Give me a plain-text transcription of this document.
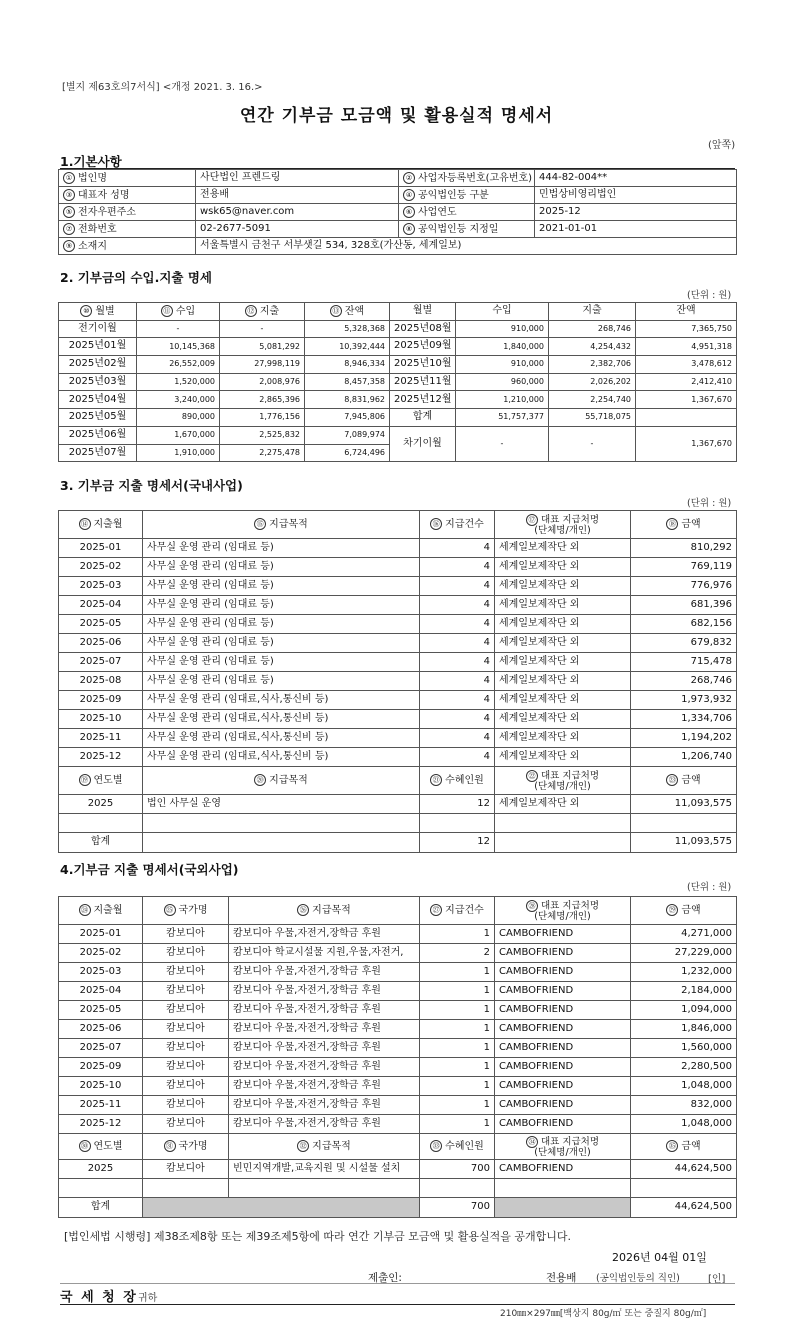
[별지 제63호의7서식] <개정 2021. 3. 16.>
연간 기부금 모금액 및 활용실적 명세서
(앞쪽)
1.기본사항
① 법인명	사단법인 프렌드링	② 사업자등록번호(고유번호)	444-82-004**
③ 대표자 성명	전용배	④ 공익법인등 구분	민법상비영리법인
⑤ 전자우편주소	wsk65@naver.com	⑥ 사업연도	2025-12
⑦ 전화번호	02-2677-5091	⑧ 공익법인등 지정일	2021-01-01
⑨ 소재지	서울특별시 금천구 서부샛길 534, 328호(가산동, 세계일보)		
2. 기부금의 수입.지출 명세
(단위 : 원)
⑩ 월별	⑪ 수입	⑫ 지출	⑬ 잔액	월별	수입	지출	잔액
전기이월	-	-	5,328,368	2025년08월	910,000	268,746	7,365,750
2025년01월	10,145,368	5,081,292	10,392,444	2025년09월	1,840,000	4,254,432	4,951,318
2025년02월	26,552,009	27,998,119	8,946,334	2025년10월	910,000	2,382,706	3,478,612
2025년03월	1,520,000	2,008,976	8,457,358	2025년11월	960,000	2,026,202	2,412,410
2025년04월	3,240,000	2,865,396	8,831,962	2025년12월	1,210,000	2,254,740	1,367,670
2025년05월	890,000	1,776,156	7,945,806	합계	51,757,377	55,718,075	
2025년06월	1,670,000	2,525,832	7,089,974	차기이월	-	-	1,367,670
2025년07월	1,910,000	2,275,478	6,724,496				
3. 기부금 지출 명세서(국내사업)
(단위 : 원)
⑭ 지출월	⑮ 지급목적	⑯ 지급건수	⑰ 대표 지급처명
(단체명/개인)	⑱ 금액
2025-01	사무실 운영 관리 (임대료 등)	4	세계일보제작단 외	810,292
2025-02	사무실 운영 관리 (임대료 등)	4	세계일보제작단 외	769,119
2025-03	사무실 운영 관리 (임대료 등)	4	세계일보제작단 외	776,976
2025-04	사무실 운영 관리 (임대료 등)	4	세계일보제작단 외	681,396
2025-05	사무실 운영 관리 (임대료 등)	4	세계일보제작단 외	682,156
2025-06	사무실 운영 관리 (임대료 등)	4	세계일보제작단 외	679,832
2025-07	사무실 운영 관리 (임대료 등)	4	세계일보제작단 외	715,478
2025-08	사무실 운영 관리 (임대료 등)	4	세계일보제작단 외	268,746
2025-09	사무실 운영 관리 (임대료,식사,통신비 등)	4	세계일보제작단 외	1,973,932
2025-10	사무실 운영 관리 (임대료,식사,통신비 등)	4	세계일보제작단 외	1,334,706
2025-11	사무실 운영 관리 (임대료,식사,통신비 등)	4	세계일보제작단 외	1,194,202
2025-12	사무실 운영 관리 (임대료,식사,통신비 등)	4	세계일보제작단 외	1,206,740
⑲ 연도별	⑳ 지급목적	㉑ 수혜인원	㉒ 대표 지급처명
(단체명/개인)	㉓ 금액
2025	법인 사무실 운영	12	세계일보제작단 외	11,093,575

합계		12		11,093,575
4.기부금 지출 명세서(국외사업)
(단위 : 원)
㉔ 지출월	㉕ 국가명	㉖ 지급목적	㉗ 지급건수	㉘ 대표 지급처명
(단체명/개인)	㉙ 금액
2025-01	캄보디아	캄보디아 우물,자전거,장학금 후원	1	CAMBOFRIEND	4,271,000
2025-02	캄보디아	캄보디아 학교시설물 지원,우물,자전거,	2	CAMBOFRIEND	27,229,000
2025-03	캄보디아	캄보디아 우물,자전거,장학금 후원	1	CAMBOFRIEND	1,232,000
2025-04	캄보디아	캄보디아 우물,자전거,장학금 후원	1	CAMBOFRIEND	2,184,000
2025-05	캄보디아	캄보디아 우물,자전거,장학금 후원	1	CAMBOFRIEND	1,094,000
2025-06	캄보디아	캄보디아 우물,자전거,장학금 후원	1	CAMBOFRIEND	1,846,000
2025-07	캄보디아	캄보디아 우물,자전거,장학금 후원	1	CAMBOFRIEND	1,560,000
2025-09	캄보디아	캄보디아 우물,자전거,장학금 후원	1	CAMBOFRIEND	2,280,500
2025-10	캄보디아	캄보디아 우물,자전거,장학금 후원	1	CAMBOFRIEND	1,048,000
2025-11	캄보디아	캄보디아 우물,자전거,장학금 후원	1	CAMBOFRIEND	832,000
2025-12	캄보디아	캄보디아 우물,자전거,장학금 후원	1	CAMBOFRIEND	1,048,000
㉚ 연도별	㉛ 국가명	㉜ 지급목적	㉝ 수혜인원	㉞ 대표 지급처명
(단체명/개인)	㉟ 금액
2025	캄보디아	빈민지역개발,교육지원 및 시설물 설치	700	CAMBOFRIEND	44,624,500

합계			700		44,624,500
[법인세법 시행령] 제38조제8항 또는 제39조제5항에 따라 연간 기부금 모금액 및 활용실적을 공개합니다.
2026년 04월 01일
제출인:	전용배 (공익법인등의 직인)	[인]
국 세 청 장 귀하
210㎜×297㎜[백상지 80g/㎡ 또는 중질지 80g/㎡]
